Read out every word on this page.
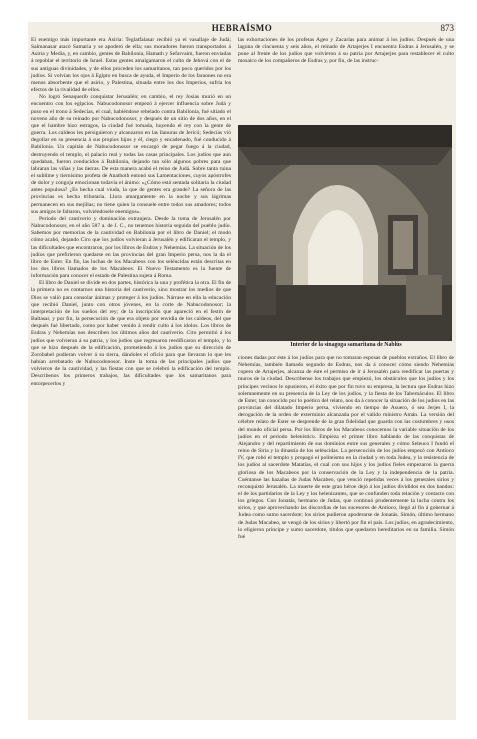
HEBRAÍSMO	873

El enemigo más importante era Asiria: Teglatfalasar recibió ya el vasallaje de Judá; Salmanasar atacó Samaria y se apoderó de ella; sus moradores fueron transportados á Asiria y Media, y, en cambio, gentes de Babilonia, Hamath y Sefarvaim, fueron enviadas á repoblar el territorio de Israel. Estas gentes amalgamaron el culto de Jehová con el de sus antiguas divinidades, y de ellos proceden los samaritanos, tan poco queridos por los judíos. Si volvían los ojos á Egipto en busca de ayuda, el Imperio de los faraones no era menos absorbente que el asirio, y Palestina, situada entre los dos Imperios, sufría los efectos de la rivalidad de ellos.

No logró Senaquerib conquistar Jerusalén; en cambio, el rey Josías murió en un encuentro con los egipcios. Nabucodonosor empezó á ejercer influencia sobre Judá y puso en el trono á Sedecías, el cual, habiéndose rebelado contra Babilonia, fué sitiado el noveno año de su reinado por Nabucodonosor, y después de un sitio de dos años, en el que el hambre hizo estragos, la ciudad fué tomada, huyendo el rey con la gente de guerra. Los caldeos les persiguieron y alcanzaron en las llanuras de Jericó; Sedecías vió degollar en su presencia á sus propios hijos y él, ciego y encadenado, fué conducido á Babilonia. Un capitán de Nabucodonosor se encargó de pegar fuego á la ciudad, destruyendo el templo, el palacio real y todas las casas principales. Los judíos que aun quedaban, fueron conducidos á Babilonia, dejando tan sólo algunos pobres para que labraran las viñas y las tierras. De esta manera acabó el reino de Judá. Sobre tanta ruina el sublime y tiernísimo profeta de Anathoth entonó sus Lamentaciones, cuyos apóstrofes de dolor y congoja emocionan todavía el ánimo: «¿Cómo está sentada solitaria la ciudad antes populosa? ¿Es hecha cual viuda, la que de gentes era grande? La señora de las provincias es hecha tributaria. Llora amargamente en la noche y sus lágrimas permanecen en sus mejillas; no tiene quien la consuele entre todos sus amadores; todos sus amigos le faltaron, volviéndosele enemigos».

Período del cautiverio y dominación extranjera. Desde la toma de Jerusalén por Nabucodonosor, en el año 587 a. de J. C., no tenemos historia seguida del pueblo judío. Sabemos por memorias de la cautividad en Babilonia por el libro de Daniel; el modo cómo acabó, dejando Ciro que los judíos volvieran á Jerusalén y edificaran el templo, y las dificultades que encontraron, por los libros de Esdras y Nehemías. La situación de los judíos que prefirieron quedarse en las provincias del gran Imperio persa, nos la da el libro de Ester. En fin, las luchas de los Macabeos con los seléucidas están descritas en los dos libros llamados de los Macabeos. El Nuevo Testamento es la fuente de información para conocer el estado de Palestina sujeta á Roma.

El libro de Daniel se divide en dos partes, histórica la una y profética la otra. El fin de la primera no es contarnos una historia del cautiverio, sino mostrar los medios de que Dios se valió para consolar ánimas y proteger á los judíos. Nárrase en ella la educación que recibió Daniel, junto con otros jóvenes, en la corte de Nabucodonosor; la interpretación de los sueños del rey; de la inscripción que apareció en el festín de Baltasar, y por fin, la persecución de que era objeto por envidia de los caldeos, del que después fué libertado, como por haber venido á rendir culto á los ídolos. Los libros de Esdras y Nehemías nos describen los últimos años del cautiverio. Ciro permitió á los judíos que volvieran á su patria, y los judíos que regresaron reedificaron el templo, y lo que se hizo después de la edificación, prometiendo á los judíos que su dirección de Zorobabel pudieran volver á su tierra, dándoles el oficio para que llevaran lo que les habían arrebatado de Nabucodonosor. Inste la toma de las principales judíos que volvieron de la cautividad, y las fiestas con que se celebró la edificación del templo. Describenos los primeros trabajos, las dificultades que los samaritanos para entorpecerlos y

las exhortaciones de los profetas Ageo y Zacarías para animar á los judíos. Después de una laguna de cincuenta y seis años, el reinado de Artajerjes I encuentra Esdras á Jerusalén, y se pone al frente de los judíos que volvieron á su patria por Artajerjes para restablecer el culto mosaico de los compañeros de Esdras y, por fin, de las instruc-

Interior de la sinagoga samaritana de Nablús

ciones dadas por éste á los judíos para que no tomaran esposas de pueblos extraños. El libro de Nehemías, también llamado segundo de Esdras, nos da á conocer cómo siendo Nehemías copero de Artajerjes, alcanza de éste el permiso de ir á Jerusalén para reedificar las puertas y muros de la ciudad. Describense los trabajos que empiezó, los obstáculos que los judíos y los príncipes vecinos le opusieron, el éxito que por fin tuvo su empresa, la lectura que Esdras hizo solemnemente en su presencia de la Ley de los judíos, y la fiesta de los Tabernáculos. El libro de Ester, tan conocido por lo poético del relato, nos da á conocer la situación de los judíos en las provincias del dilatado Imperio persa, viviendo en tiempo de Asuero, ó sea Jerjes I, la derogación de la orden de exterminio alcanzada por el valido ministro Amán. La versión del célebre relato de Ester se desprende de la gran fidelidad que guarda con las costumbres y usos del mundo oficial persa. Por los libros de los Macabeos conocemos la variable situación de los judíos en el período helenístico. Empieza el primer libro hablando de las conquistas de Alejandro y del repartimiento de sus dominios entre sus generales y cómo Seleuco I fundó el reino de Siria y la dinastía de los seléucidas. La persecución de los judíos empezó con Antíoco IV, que robó el templo y propagó el politeísmo en la ciudad y en toda Judea, y la resistencia de los judíos al sacerdote Matatías, el cual con sus hijos y los judíos fieles empezaron la guerra gloriosa de los Macabeos por la conservación de la Ley y la independencia de la patria. Cuéntanse las hazañas de Judas Macabeo, que venció repetidas veces á los generales sirios y reconquistó Jerusalén. La muerte de este gran héroe dejó á los judíos divididos en dos bandos: el de los partidarios de la Ley y los helenizantes, que se confunden toda relación y contacto con los griegos. Con Jonatás, hermano de Judas, que continuó prudentemente la lucha contra los sirios, y que aprovechando las discordias de los sucesores de Antíoco, llegó al fin á gobernar á Judea como sumo sacerdote; los sirios pudieron apoderarse de Jonatás. Simón, último hermano de Judas Macabeo, se vengó de los sirios y libertó por fin el país. Los judíos, en agradecimiento, lo eligieron príncipe y sumo sacerdote, títulos que quedaron hereditarios en su familia. Simón fué
